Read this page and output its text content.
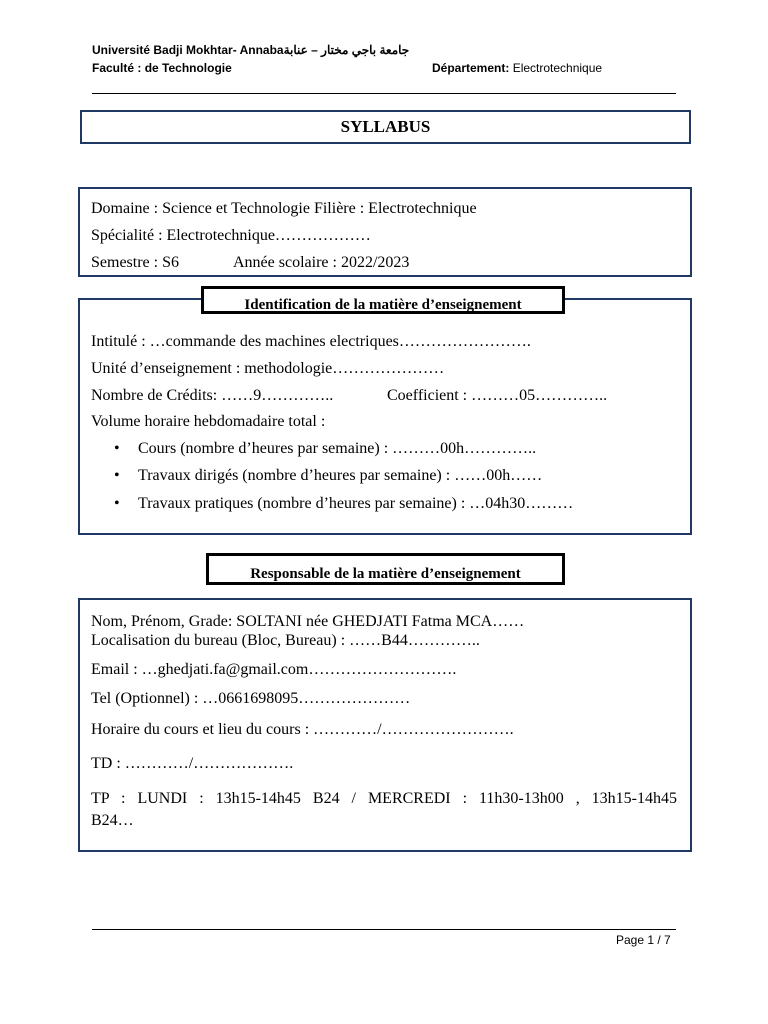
Université Badji Mokhtar- Annabaجامعة باجي مختار – عنابة
Faculté : de Technologie	Département: Electrotechnique
SYLLABUS
Domaine : Science et Technologie Filière : Electrotechnique
Spécialité : Electrotechnique………………
Semestre : S6	Année scolaire : 2022/2023
Identification de la matière d’enseignement
Intitulé : …commande des machines electriques…………………….
Unité d’enseignement : methodologie…………………
Nombre de Crédits: ……9…………..	Coefficient : ………05…………..
Volume horaire hebdomadaire total :
• Cours (nombre d’heures par semaine) : ………00h…………..
• Travaux dirigés (nombre d’heures par semaine) : ……00h……
• Travaux pratiques (nombre d’heures par semaine) : …04h30………
Responsable de la matière d’enseignement
Nom, Prénom, Grade: SOLTANI née GHEDJATI Fatma MCA……
Localisation du bureau (Bloc, Bureau) : ……B44…………..
Email : …ghedjati.fa@gmail.com……………………….
Tel (Optionnel) : …0661698095…………………
Horaire du cours et lieu du cours : …………/…………………….
TD : …………/……………….
TP : LUNDI : 13h15-14h45 B24 / MERCREDI : 11h30-13h00 , 13h15-14h45
B24…
Page 1 / 7
